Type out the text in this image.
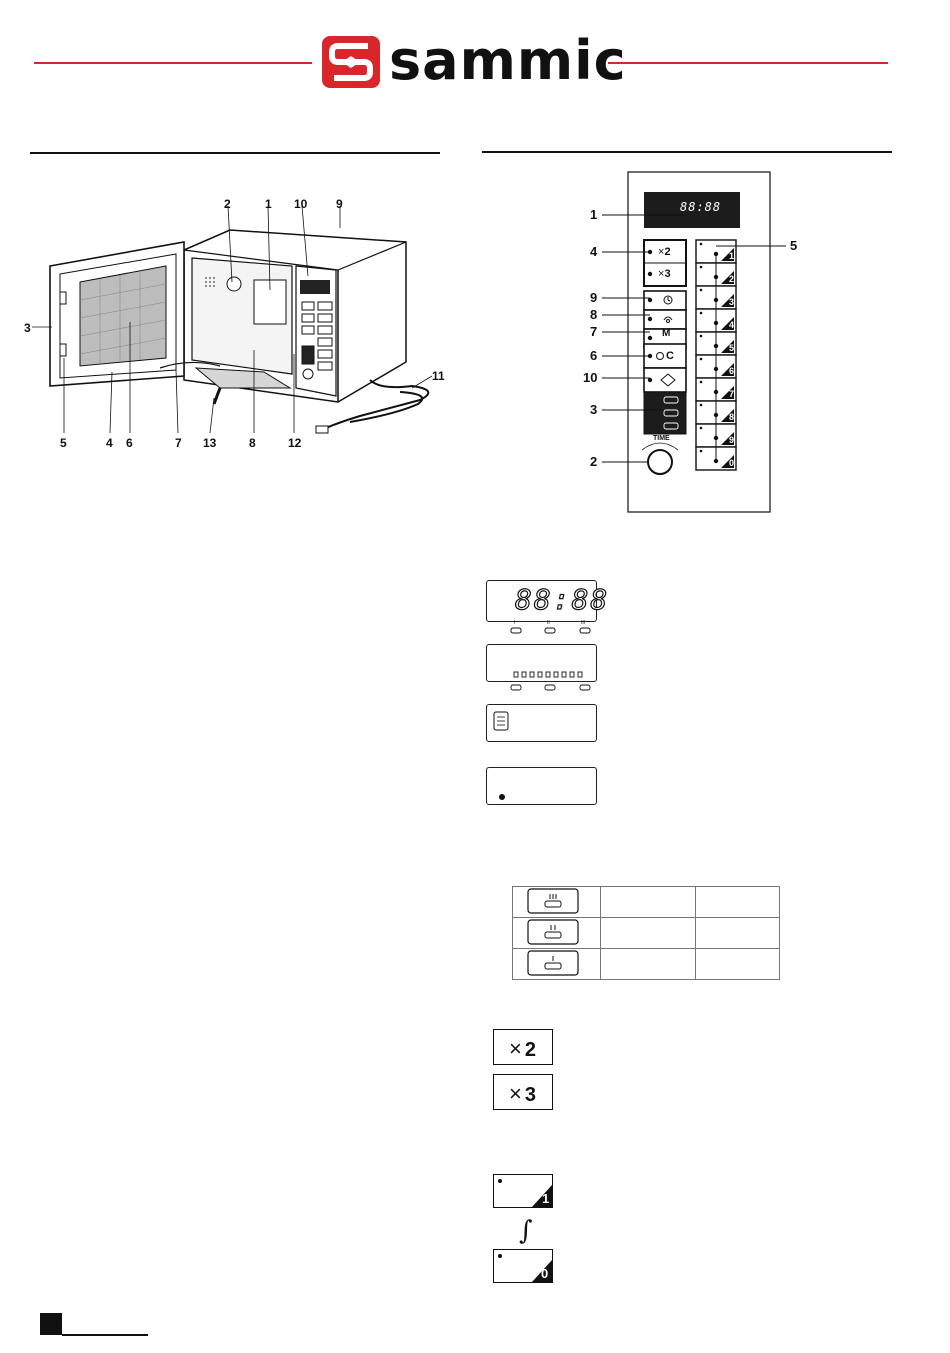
sammic
2	1 10 9
3
11
5	4 6	7 13	8	12
88:88
×2
×3
M
C
TIME
1
2
3
4
5
6
7
8
9
0
1
4
9
8
7
6
10
3
2
5
88:88
I	II	III

× 2
× 3
1
∫
0
